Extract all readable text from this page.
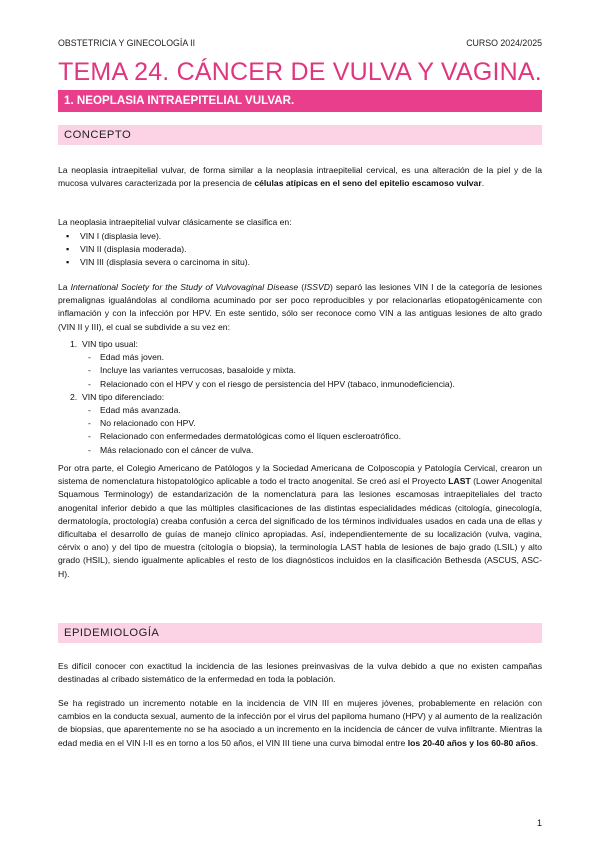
OBSTETRICIA Y GINECOLOGÍA II	CURSO 2024/2025
TEMA 24. CÁNCER DE VULVA Y VAGINA.
1. NEOPLASIA INTRAEPITELIAL VULVAR.
CONCEPTO

La neoplasia intraepitelial vulvar, de forma similar a la neoplasia intraepitelial cervical, es una alteración de la piel y de la mucosa vulvares caracterizada por la presencia de células atípicas en el seno del epitelio escamoso vulvar.

La neoplasia intraepitelial vulvar clásicamente se clasifica en:

▪ VIN I (displasia leve).
▪ VIN II (displasia moderada).
▪ VIN III (displasia severa o carcinoma in situ).

La International Society for the Study of Vulvovaginal Disease (ISSVD) separó las lesiones VIN I de la categoría de lesiones premalignas igualándolas al condiloma acuminado por ser poco reproducibles y por relacionarlas etiopatogénicamente con inflamación y con la infección por HPV. En este sentido, sólo ser reconoce como VIN a las antiguas lesiones de alto grado (VIN II y III), el cual se subdivide a su vez en:

1. VIN tipo usual:
- Edad más joven.
- Incluye las variantes verrucosas, basaloide y mixta.
- Relacionado con el HPV y con el riesgo de persistencia del HPV (tabaco, inmunodeficiencia).
2. VIN tipo diferenciado:
- Edad más avanzada.
- No relacionado con HPV.
- Relacionado con enfermedades dermatológicas como el líquen escleroatrófico.
- Más relacionado con el cáncer de vulva.

Por otra parte, el Colegio Americano de Patólogos y la Sociedad Americana de Colposcopia y Patología Cervical, crearon un sistema de nomenclatura histopatológico aplicable a todo el tracto anogenital. Se creó así el Proyecto LAST (Lower Anogenital Squamous Terminology) de estandarización de la nomenclatura para las lesiones escamosas intraepiteliales del tracto anogenital inferior debido a que las múltiples clasificaciones de las distintas especialidades médicas (citología, ginecología, dermatología, proctología) creaba confusión a cerca del significado de los términos individuales usados en cada una de ellas y dificultaba el desarrollo de guías de manejo clínico apropiadas. Así, independientemente de su localización (vulva, vagina, cérvix o ano) y del tipo de muestra (citología o biopsia), la terminología LAST habla de lesiones de bajo grado (LSIL) y alto grado (HSIL), siendo igualmente aplicables el resto de los diagnósticos incluidos en la clasificación Bethesda (ASCUS, ASC-H).

EPIDEMIOLOGÍA

Es difícil conocer con exactitud la incidencia de las lesiones preinvasivas de la vulva debido a que no existen campañas destinadas al cribado sistemático de la enfermedad en toda la población.

Se ha registrado un incremento notable en la incidencia de VIN III en mujeres jóvenes, probablemente en relación con cambios en la conducta sexual, aumento de la infección por el virus del papiloma humano (HPV) y al aumento de la realización de biopsias, que aparentemente no se ha asociado a un incremento en la incidencia de cáncer de vulva infiltrante. Mientras la edad media en el VIN I-II es en torno a los 50 años, el VIN III tiene una curva bimodal entre los 20-40 años y los 60-80 años.

1
